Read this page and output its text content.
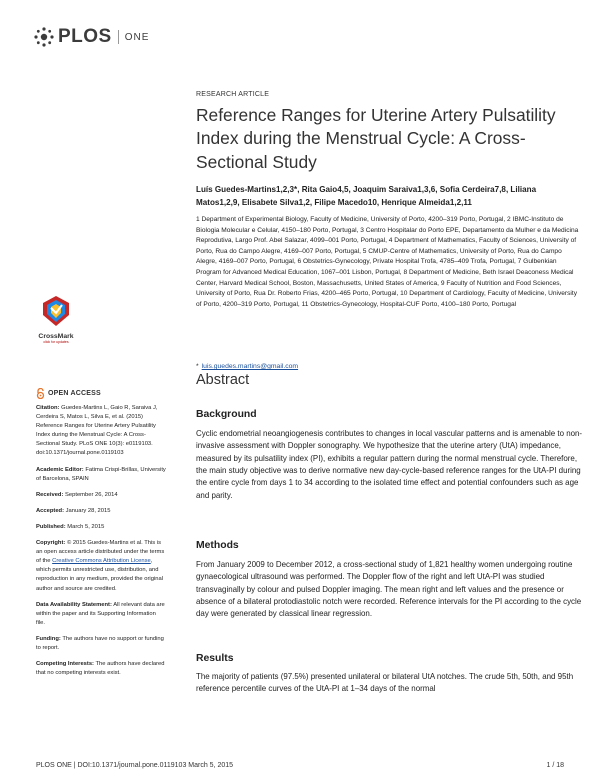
PLOS ONE
CrossMark
click for updates
OPEN ACCESS
Citation: Guedes-Martins L, Gaio R, Saraiva J, Cerdeira S, Matos L, Silva E, et al. (2015) Reference Ranges for Uterine Artery Pulsatility Index during the Menstrual Cycle: A Cross-Sectional Study. PLoS ONE 10(3): e0119103. doi:10.1371/journal.pone.0119103
Academic Editor: Fatima Crispi-Brillas, University of Barcelona, SPAIN
Received: September 26, 2014
Accepted: January 28, 2015
Published: March 5, 2015
Copyright: © 2015 Guedes-Martins et al. This is an open access article distributed under the terms of the Creative Commons Attribution License, which permits unrestricted use, distribution, and reproduction in any medium, provided the original author and source are credited.
Data Availability Statement: All relevant data are within the paper and its Supporting Information file.
Funding: The authors have no support or funding to report.
Competing Interests: The authors have declared that no competing interests exist.
RESEARCH ARTICLE
Reference Ranges for Uterine Artery Pulsatility Index during the Menstrual Cycle: A Cross-Sectional Study
Luís Guedes-Martins1,2,3*, Rita Gaio4,5, Joaquim Saraiva1,3,6, Sofia Cerdeira7,8, Liliana Matos1,2,9, Elisabete Silva1,2, Filipe Macedo10, Henrique Almeida1,2,11
1 Department of Experimental Biology, Faculty of Medicine, University of Porto, 4200–319 Porto, Portugal, 2 IBMC-Instituto de Biologia Molecular e Celular, 4150–180 Porto, Portugal, 3 Centro Hospitalar do Porto EPE, Departamento da Mulher e da Medicina Reprodutiva, Largo Prof. Abel Salazar, 4099–001 Porto, Portugal, 4 Department of Mathematics, Faculty of Sciences, University of Porto, Rua do Campo Alegre, 4169–007 Porto, Portugal, 5 CMUP-Centre of Mathematics, University of Porto, Rua do Campo Alegre, 4169–007 Porto, Portugal, 6 Obstetrics-Gynecology, Private Hospital Trofa, 4785–409 Trofa, Portugal, 7 Gulbenkian Program for Advanced Medical Education, 1067–001 Lisbon, Portugal, 8 Department of Medicine, Beth Israel Deaconess Medical Center, Harvard Medical School, Boston, Massachusetts, United States of America, 9 Faculty of Nutrition and Food Sciences, University of Porto, Rua Dr. Roberto Frias, 4200–465 Porto, Portugal, 10 Department of Cardiology, Faculty of Medicine, University of Porto, 4200–319 Porto, Portugal, 11 Obstetrics-Gynecology, Hospital-CUF Porto, 4100–180 Porto, Portugal
* luis.guedes.martins@gmail.com
Abstract
Background
Cyclic endometrial neoangiogenesis contributes to changes in local vascular patterns and is amenable to non-invasive assessment with Doppler sonography. We hypothesize that the uterine artery (UtA) impedance, measured by its pulsatility index (PI), exhibits a regular pattern during the normal menstrual cycle. Therefore, the main study objective was to derive normative new day-cycle-based reference ranges for the UtA-PI during the entire cycle from days 1 to 34 according to the isolated time effect and potential confounders such as age and parity.
Methods
From January 2009 to December 2012, a cross-sectional study of 1,821 healthy women undergoing routine gynaecological ultrasound was performed. The Doppler flow of the right and left UtA-PI was studied transvaginally by colour and pulsed Doppler imaging. The mean right and left values and the presence or absence of a bilateral protodiastolic notch were recorded. Reference intervals for the PI according to the cycle day were generated by classical linear regression.
Results
The majority of patients (97.5%) presented unilateral or bilateral UtA notches. The crude 5th, 50th, and 95th reference percentile curves of the UtA-PI at 1–34 days of the normal
PLOS ONE | DOI:10.1371/journal.pone.0119103 March 5, 2015	1 / 18
